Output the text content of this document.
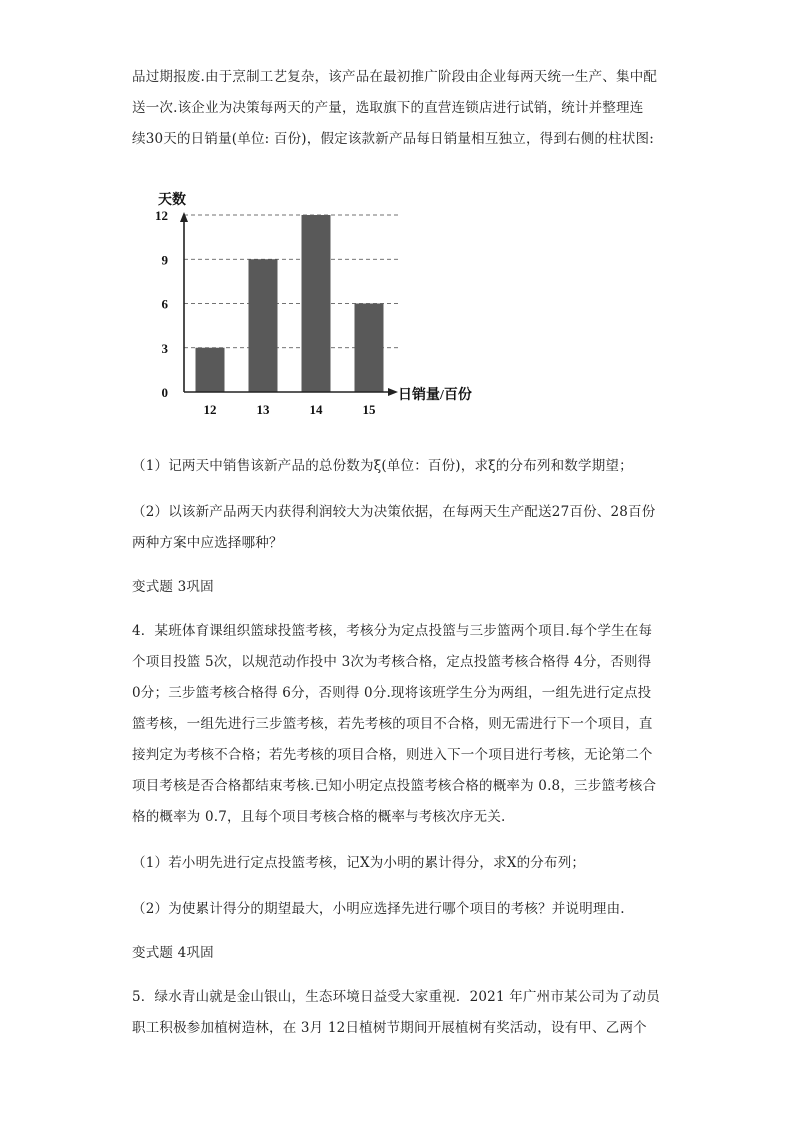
品过期报废.由于烹制工艺复杂，该产品在最初推广阶段由企业每两天统一生产、集中配
送一次.该企业为决策每两天的产量，选取旗下的直营连锁店进行试销，统计并整理连
续30天的日销量(单位: 百份)，假定该款新产品每日销量相互独立，得到右侧的柱状图:
0
3
6
9
12
12	13	14	15
天数
日销量/百份
（1）记两天中销售该新产品的总份数为ξ(单位：百份)，求ξ的分布列和数学期望；
（2）以该新产品两天内获得利润较大为决策依据，在每两天生产配送27百份、28百份
两种方案中应选择哪种？
变式题 3巩固
4．某班体育课组织篮球投篮考核，考核分为定点投篮与三步篮两个项目.每个学生在每
个项目投篮 5次，以规范动作投中 3次为考核合格，定点投篮考核合格得 4分，否则得
0分；三步篮考核合格得 6分，否则得 0分.现将该班学生分为两组，一组先进行定点投
篮考核，一组先进行三步篮考核，若先考核的项目不合格，则无需进行下一个项目，直
接判定为考核不合格；若先考核的项目合格，则进入下一个项目进行考核，无论第二个
项目考核是否合格都结束考核.已知小明定点投篮考核合格的概率为 0.8，三步篮考核合
格的概率为 0.7，且每个项目考核合格的概率与考核次序无关.
（1）若小明先进行定点投篮考核，记X为小明的累计得分，求X的分布列；
（2）为使累计得分的期望最大，小明应选择先进行哪个项目的考核？并说明理由.
变式题 4巩固
5．绿水青山就是金山银山，生态环境日益受大家重视．2021 年广州市某公司为了动员
职工积极参加植树造林，在 3月 12日植树节期间开展植树有奖活动，设有甲、乙两个
